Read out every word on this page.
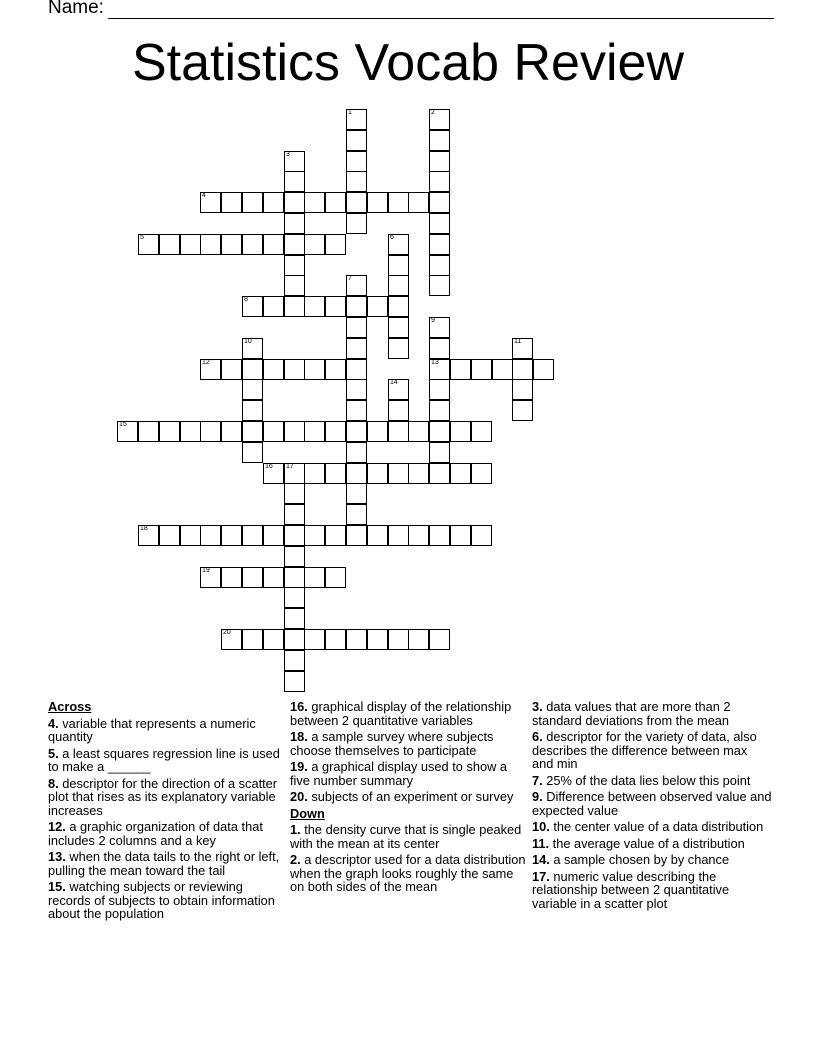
Name:
Statistics Vocab Review
1	2
3
4
5	6
7
8
9
13
10	11
12
14
15
16 17
18
19
20
Across

4. variable that represents a numeric quantity

5. a least squares regression line is used to make a ______

8. descriptor for the direction of a scatter plot that rises as its explanatory variable increases

12. a graphic organization of data that includes 2 columns and a key

13. when the data tails to the right or left, pulling the mean toward the tail

15. watching subjects or reviewing records of subjects to obtain information about the population

16. graphical display of the relationship between 2 quantitative variables

18. a sample survey where subjects choose themselves to participate

19. a graphical display used to show a five number summary

20. subjects of an experiment or survey

Down

1. the density curve that is single peaked with the mean at its center

2. a descriptor used for a data distribution when the graph looks roughly the same on both sides of the mean

3. data values that are more than 2 standard deviations from the mean

6. descriptor for the variety of data, also describes the difference between max and min

7. 25% of the data lies below this point

9. Difference between observed value and expected value

10. the center value of a data distribution

11. the average value of a distribution

14. a sample chosen by by chance

17. numeric value describing the relationship between 2 quantitative variable in a scatter plot
